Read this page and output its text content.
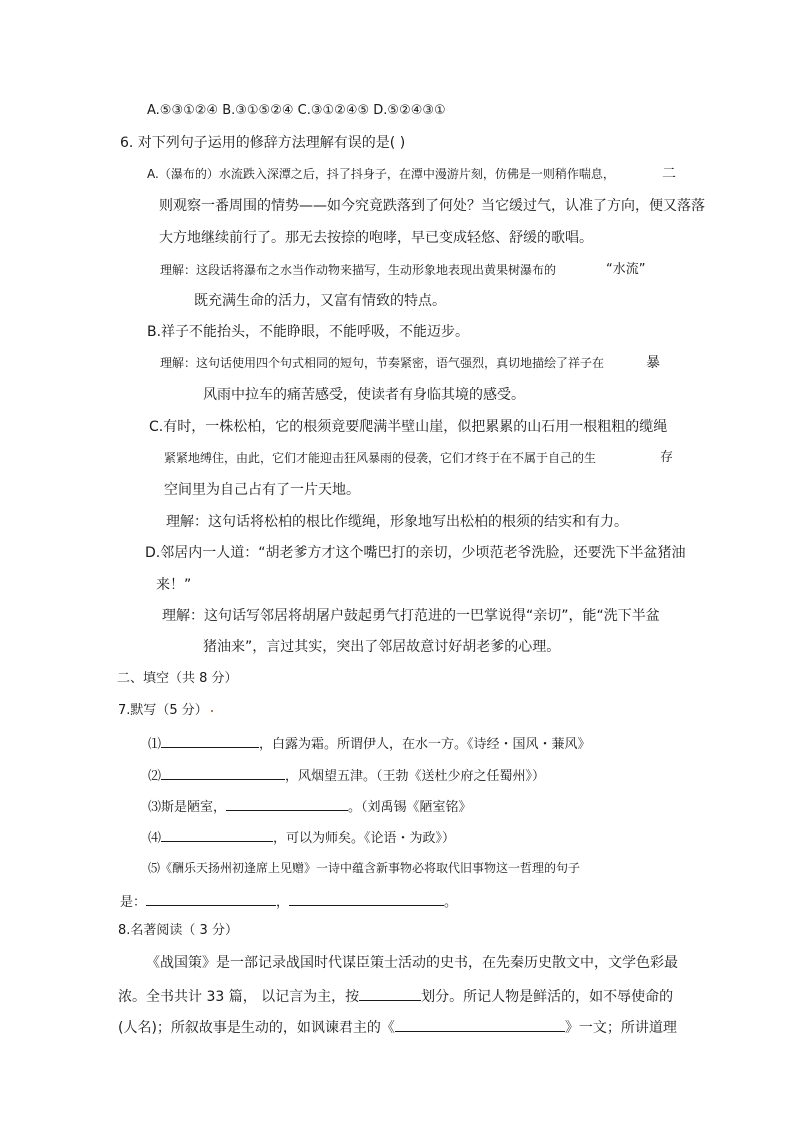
A.⑤③①②④ B.③①⑤②④ C.③①②④⑤ D.⑤②④③①
6. 对下列句子运用的修辞方法理解有误的是( )
A.（瀑布的）水流跌入深潭之后，抖了抖身子，在潭中漫游片刻，仿佛是一则稍作喘息，	二
则观察一番周围的情势——如今究竟跌落到了何处？当它缓过气，认准了方向，便又落落
大方地继续前行了。那无去按捺的咆哮，早已变成轻悠、舒缓的歌唱。
理解：这段话将瀑布之水当作动物来描写，生动形象地表现出黄果树瀑布的	“水流”
既充满生命的活力，又富有情致的特点。
B.祥子不能抬头，不能睁眼，不能呼吸，不能迈步。
理解：这句话使用四个句式相同的短句，节奏紧密，语气强烈，真切地描绘了祥子在	暴
风雨中拉车的痛苦感受，使读者有身临其境的感受。
C.有时，一株松柏，它的根须竟要爬满半壁山崖，似把累累的山石用一根粗粗的缆绳
紧紧地缚住，由此，它们才能迎击狂风暴雨的侵袭，它们才终于在不属于自己的生	存
空间里为自己占有了一片天地。
理解：这句话将松柏的根比作缆绳，形象地写出松柏的根须的结实和有力。
D.邻居内一人道：“胡老爹方才这个嘴巴打的亲切，少顷范老爷洗脸，还要洗下半盆猪油
来！”
理解：这句话写邻居将胡屠户鼓起勇气打范进的一巴掌说得“亲切”，能“洗下半盆
猪油来”，言过其实，突出了邻居故意讨好胡老爹的心理。
二、填空（共 8 分）
7.默写（5 分）
⑴	，白露为霜。所谓伊人，在水一方。《诗经・国风・蒹风》
⑵	，风烟望五津。（王勃《送杜少府之任蜀州》）
⑶斯是陋室，	。（刘禹锡《陋室铭》
⑷	，可以为师矣。《论语・为政》）
⑸《酬乐天扬州初逢席上见赠》一诗中蕴含新事物必将取代旧事物这一哲理的句子
是：	，	。
8.名著阅读（ 3 分）
《战国策》是一部记录战国时代谋臣策士活动的史书，在先秦历史散文中，文学色彩最
浓。全书共计 33 篇， 以记言为主，按	划分。所记人物是鲜活的，如不辱使命的
(人名)；所叙故事是生动的，如讽谏君主的《	》一文；所讲道理
